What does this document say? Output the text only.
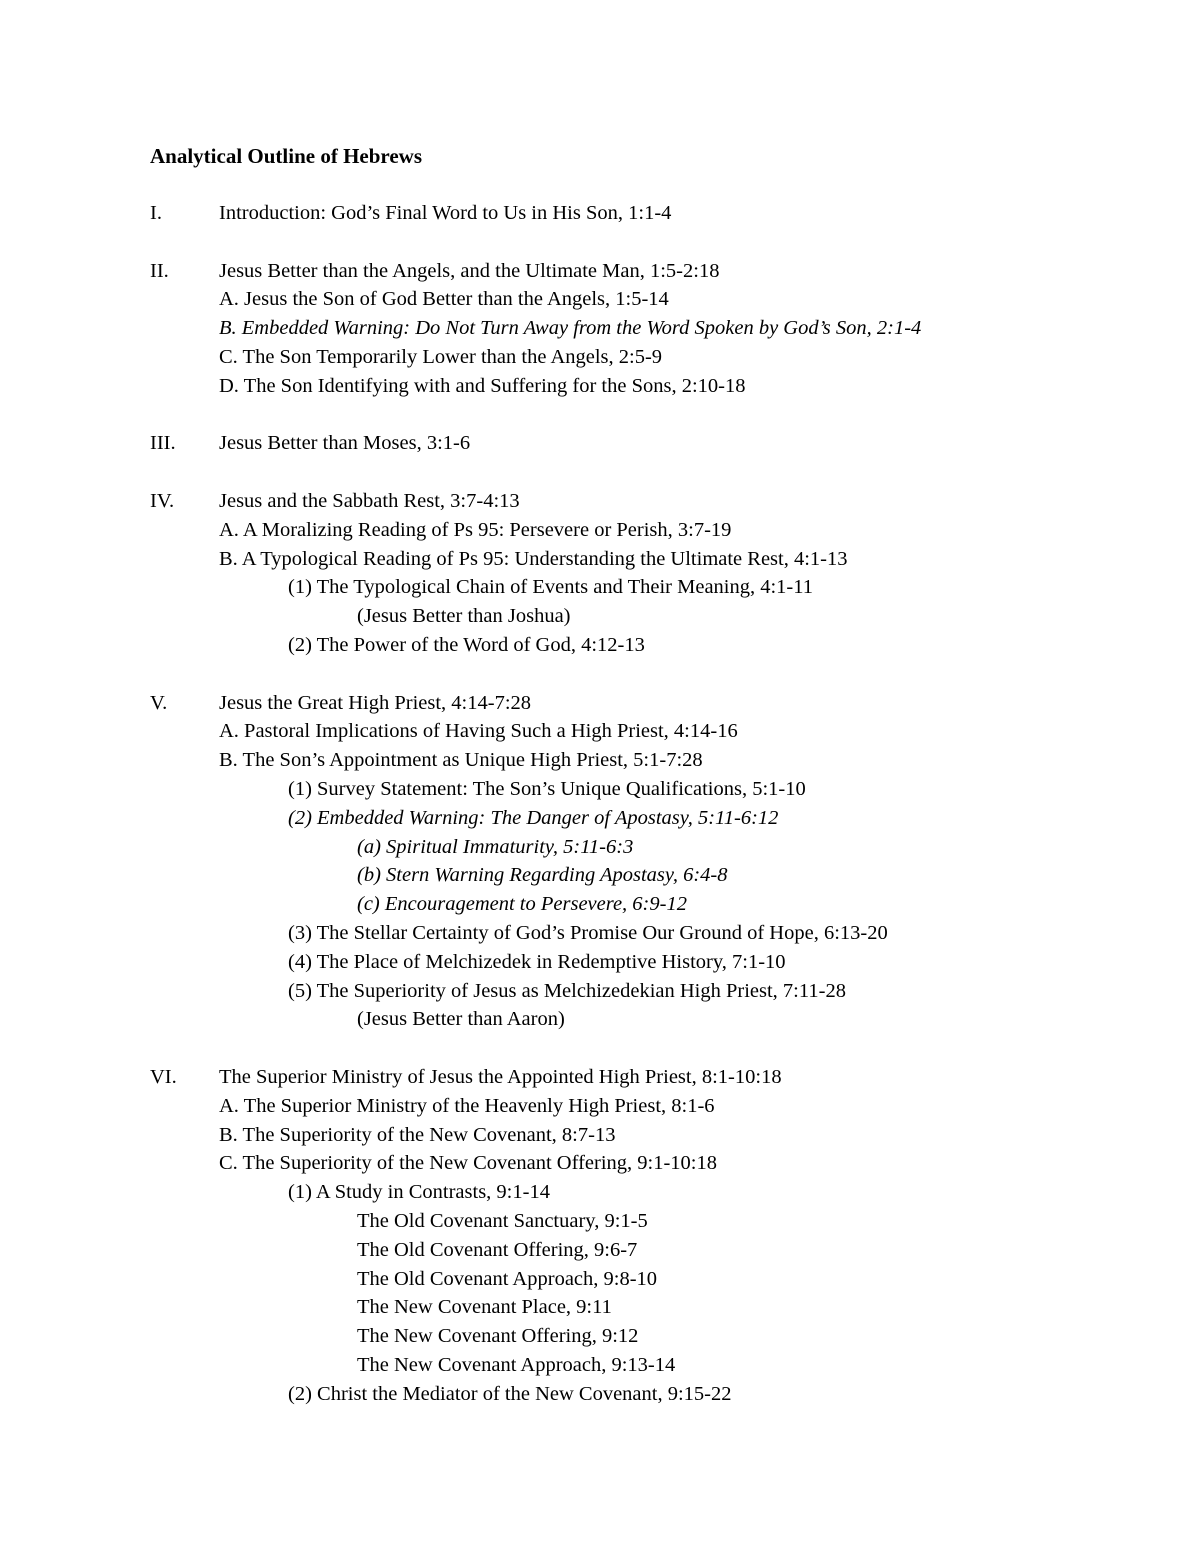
Analytical Outline of Hebrews
I.	Introduction: God’s Final Word to Us in His Son, 1:1-4
II. Jesus Better than the Angels, and the Ultimate Man, 1:5-2:18
A. Jesus the Son of God Better than the Angels, 1:5-14
B. Embedded Warning: Do Not Turn Away from the Word Spoken by God’s Son, 2:1-4
C. The Son Temporarily Lower than the Angels, 2:5-9
D. The Son Identifying with and Suffering for the Sons, 2:10-18
III. Jesus Better than Moses, 3:1-6
IV. Jesus and the Sabbath Rest, 3:7-4:13
A. A Moralizing Reading of Ps 95: Persevere or Perish, 3:7-19
B. A Typological Reading of Ps 95: Understanding the Ultimate Rest, 4:1-13
(1) The Typological Chain of Events and Their Meaning, 4:1-11
(Jesus Better than Joshua)
(2) The Power of the Word of God, 4:12-13
V.	Jesus the Great High Priest, 4:14-7:28
A. Pastoral Implications of Having Such a High Priest, 4:14-16
B. The Son’s Appointment as Unique High Priest, 5:1-7:28
(1) Survey Statement: The Son’s Unique Qualifications, 5:1-10
(2) Embedded Warning: The Danger of Apostasy, 5:11-6:12
(a) Spiritual Immaturity, 5:11-6:3
(b) Stern Warning Regarding Apostasy, 6:4-8
(c) Encouragement to Persevere, 6:9-12
(3) The Stellar Certainty of God’s Promise Our Ground of Hope, 6:13-20
(4) The Place of Melchizedek in Redemptive History, 7:1-10
(5) The Superiority of Jesus as Melchizedekian High Priest, 7:11-28
(Jesus Better than Aaron)
VI. The Superior Ministry of Jesus the Appointed High Priest, 8:1-10:18
A. The Superior Ministry of the Heavenly High Priest, 8:1-6
B. The Superiority of the New Covenant, 8:7-13
C. The Superiority of the New Covenant Offering, 9:1-10:18
(1) A Study in Contrasts, 9:1-14
The Old Covenant Sanctuary, 9:1-5
The Old Covenant Offering, 9:6-7
The Old Covenant Approach, 9:8-10
The New Covenant Place, 9:11
The New Covenant Offering, 9:12
The New Covenant Approach, 9:13-14
(2) Christ the Mediator of the New Covenant, 9:15-22
